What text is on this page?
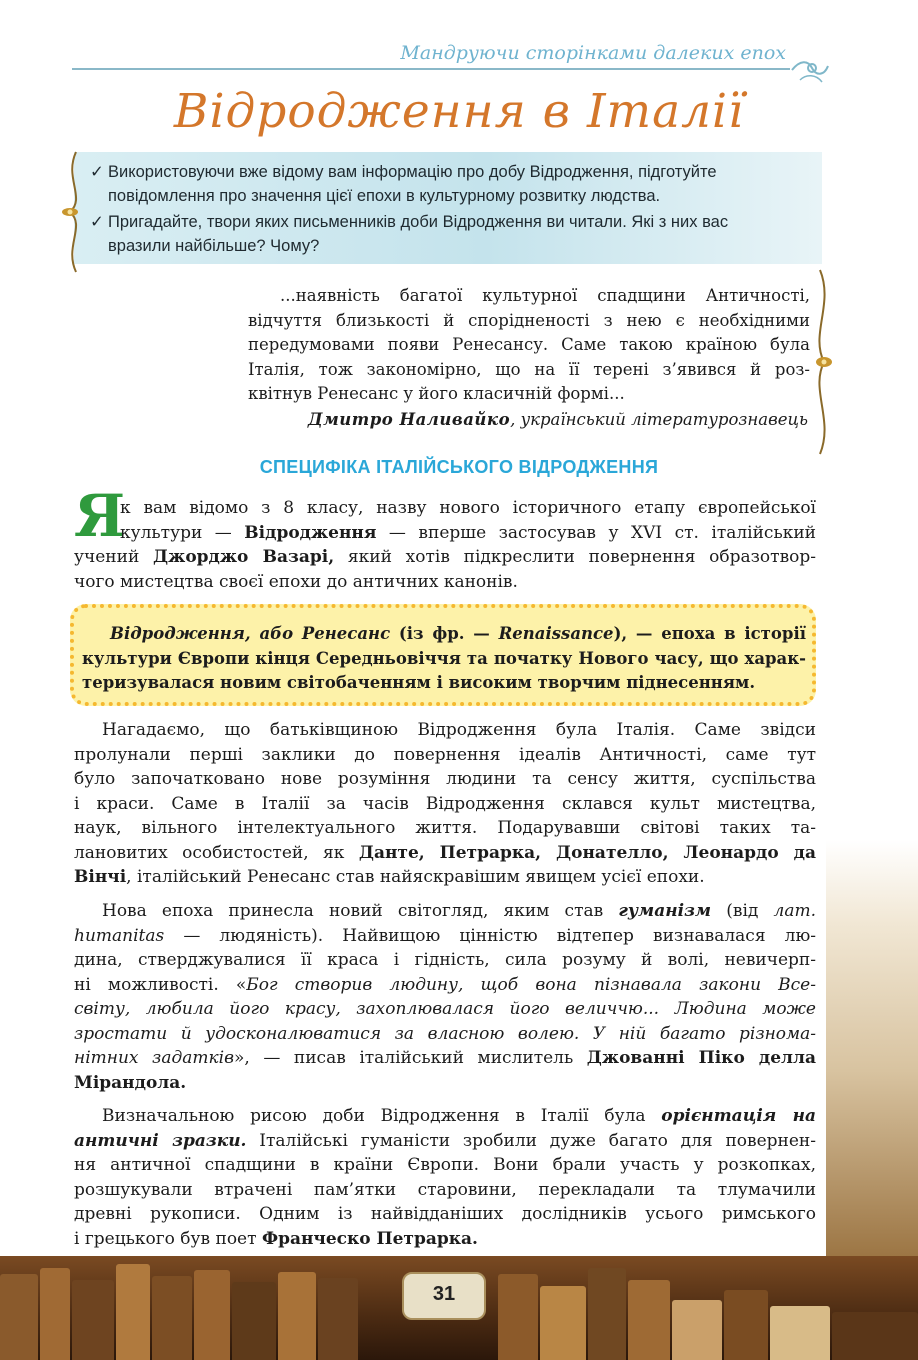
Мандруючи сторінками далеких епох
Відродження в Італії
✓ Використовуючи вже відому вам інформацію про добу Відродження, підготуйте
повідомлення про значення цієї епохи в культурному розвитку людства.
✓ Пригадайте, твори яких письменників доби Відродження ви читали. Які з них вас
вразили найбільше? Чому?
...наявність багатої культурної спадщини Античності,
відчуття близькості й спорідненості з нею є необхідними
передумовами появи Ренесансу. Саме такою країною була
Італія, тож закономірно, що на її терені з’явився й роз-
квітнув Ренесанс у його класичній формі...
Дмитро Наливайко, український літературознавець
СПЕЦИФІКА ІТАЛІЙСЬКОГО ВІДРОДЖЕННЯ
Я
к вам відомо з 8 класу, назву нового історичного етапу європейської
культури — Відродження — вперше застосував у XVI ст. італійський
учений Джорджо Вазарі, який хотів підкреслити повернення образотвор-
чого мистецтва своєї епохи до античних канонів.
Відродження, або Ренесанс (із фр. — Renaissance), — епоха в історії
культури Європи кінця Середньовіччя та початку Нового часу, що харак-
теризувалася новим світобаченням і високим творчим піднесенням.
Нагадаємо, що батьківщиною Відродження була Італія. Саме звідси
пролунали перші заклики до повернення ідеалів Античності, саме тут
було започатковано нове розуміння людини та сенсу життя, суспільства
і краси. Саме в Італії за часів Відродження склався культ мистецтва,
наук, вільного інтелектуального життя. Подарувавши світові таких та-
лановитих особистостей, як Данте, Петрарка, Донателло, Леонардо да
Вінчі, італійський Ренесанс став найяскравішим явищем усієї епохи.
Нова епоха принесла новий світогляд, яким став гуманізм (від лат.
humanitas — людяність). Найвищою цінністю відтепер визнавалася лю-
дина, стверджувалися її краса і гідність, сила розуму й волі, невичерп-
ні можливості. «Бог створив людину, щоб вона пізнавала закони Все-
світу, любила його красу, захоплювалася його величчю... Людина може
зростати й удосконалюватися за власною волею. У ній багато різнома-
нітних задатків», — писав італійський мислитель Джованні Піко делла
Мірандола.
Визначальною рисою доби Відродження в Італії була орієнтація на
античні зразки. Італійські гуманісти зробили дуже багато для повернен-
ня античної спадщини в країни Європи. Вони брали участь у розкопках,
розшукували втрачені пам’ятки старовини, перекладали та тлумачили
древні рукописи. Одним із найвідданіших дослідників усього римського
і грецького був поет Франческо Петрарка.
31
